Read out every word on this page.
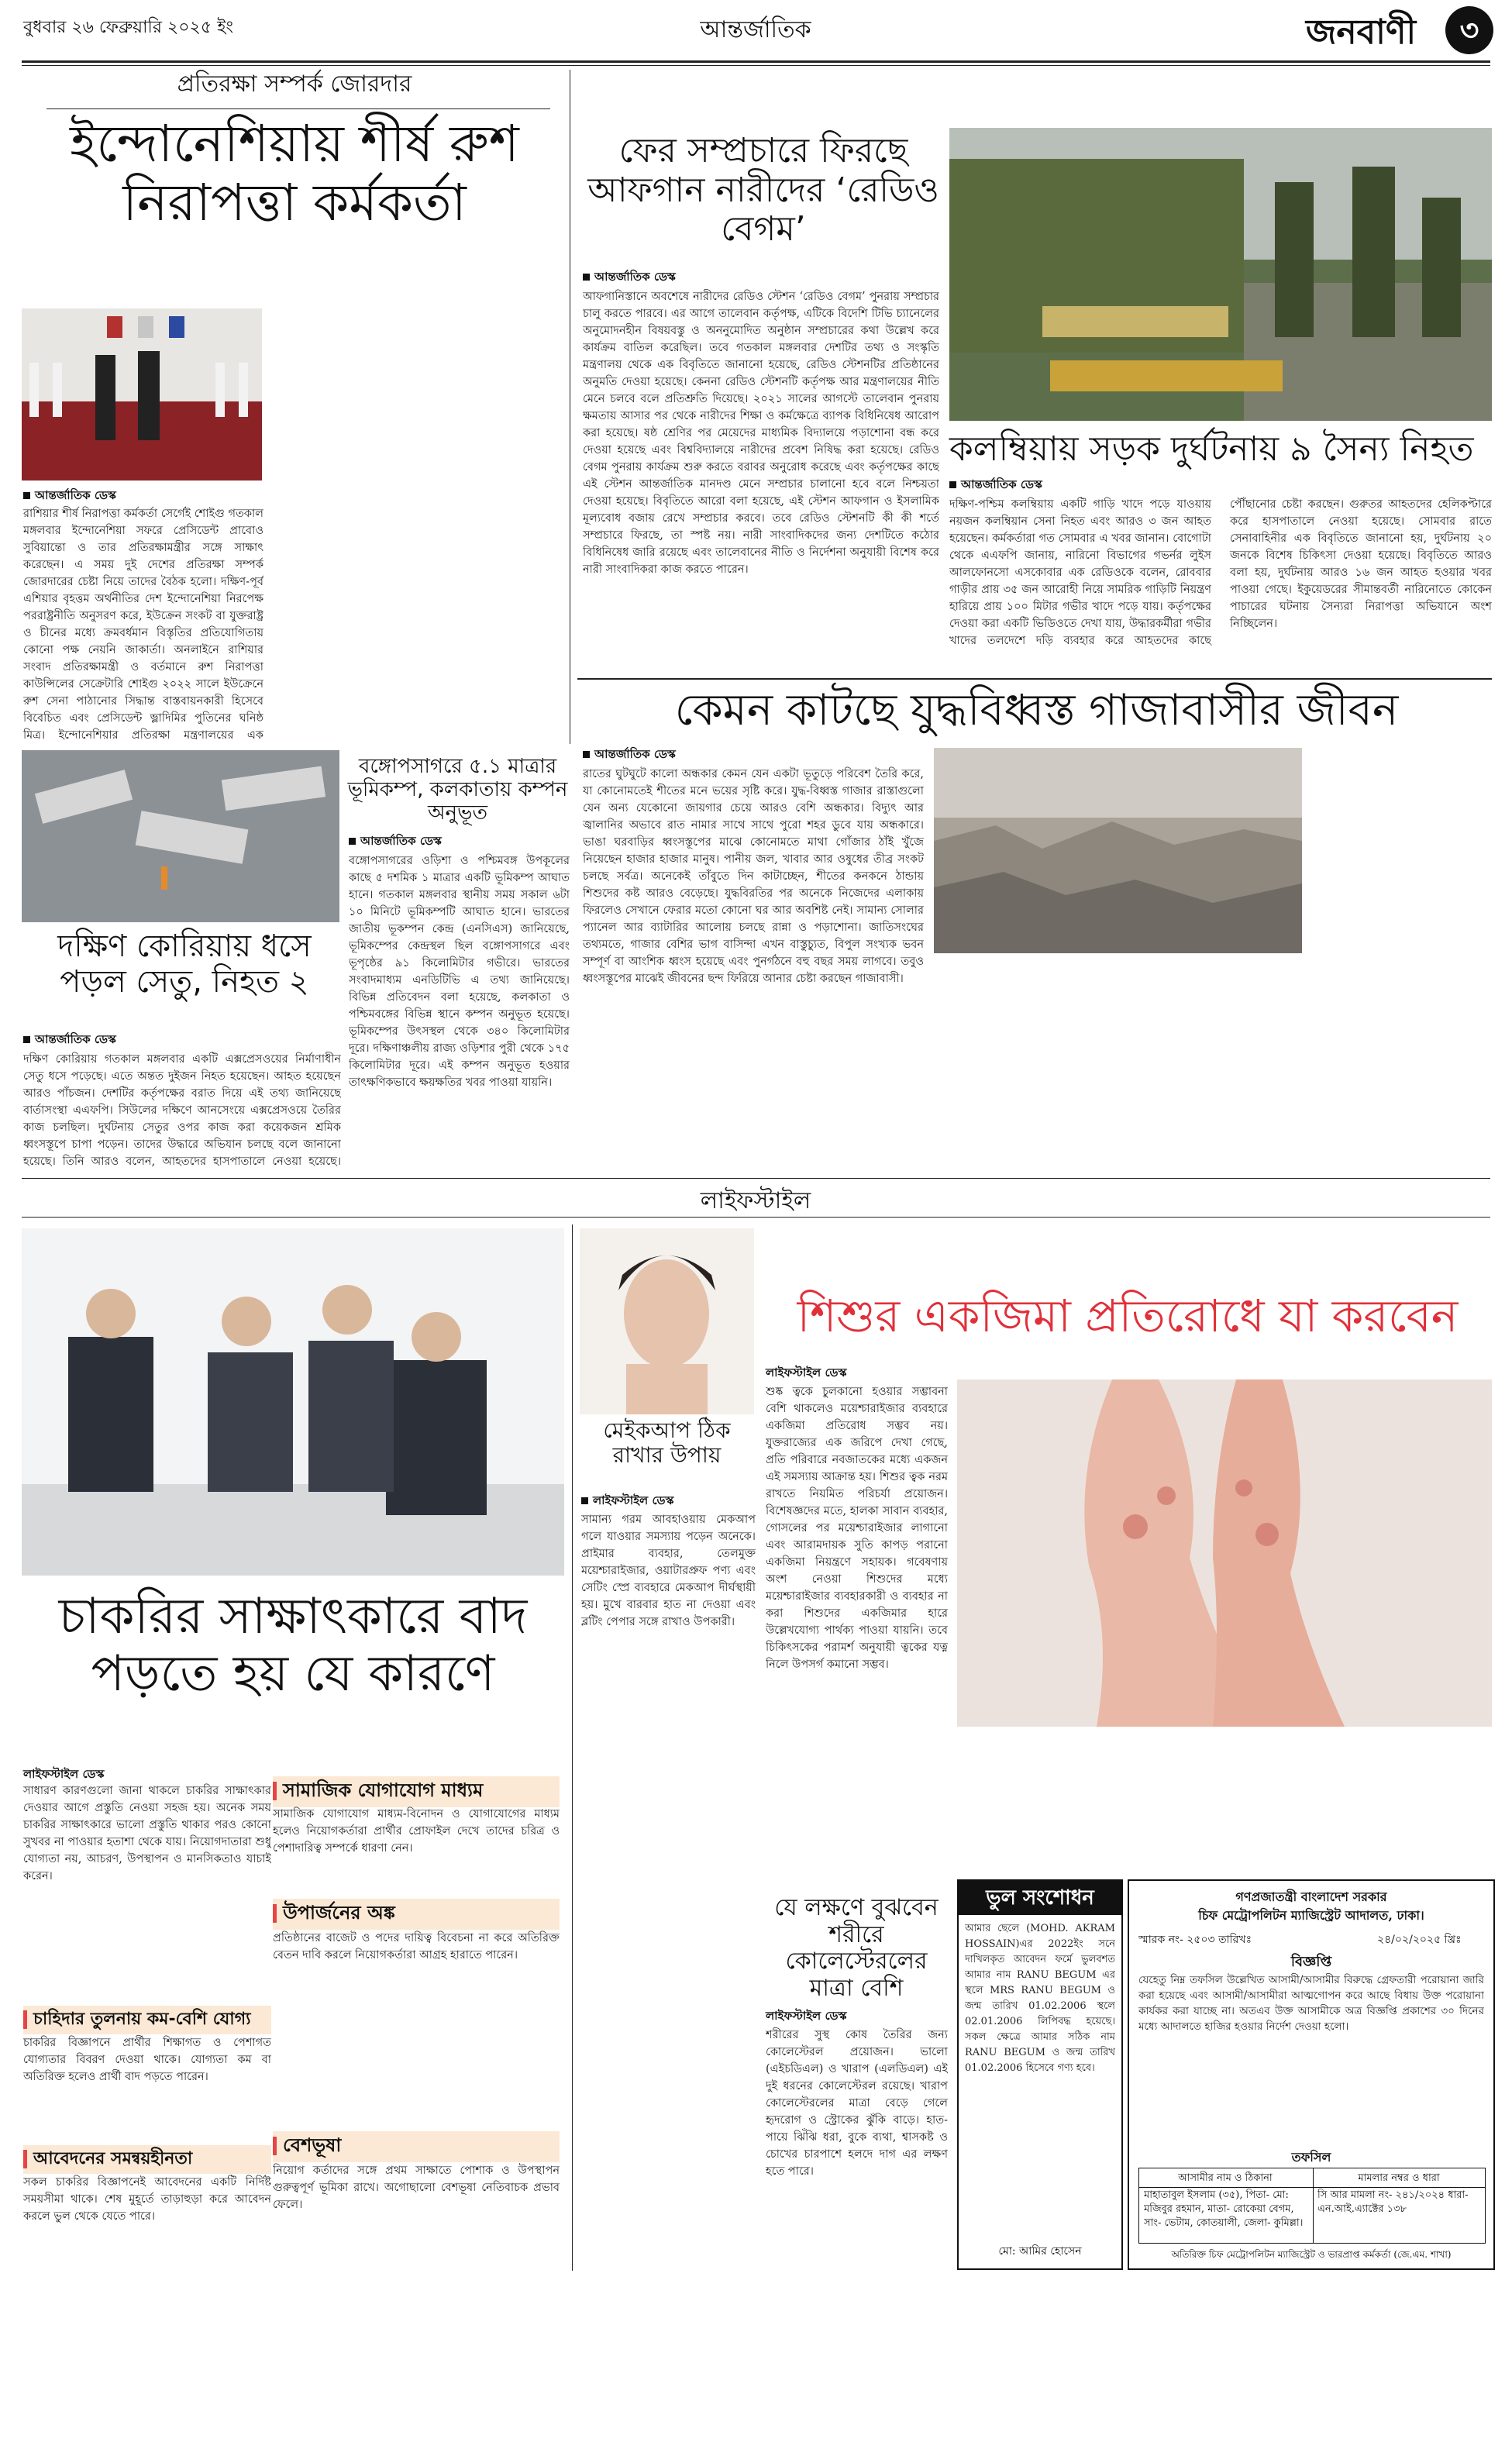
বুধবার ২৬ ফেব্রুয়ারি ২০২৫ ইং	আন্তর্জাতিক	জনবাণী	৩
প্রতিরক্ষা সম্পর্ক জোরদার
ইন্দোনেশিয়ায় শীর্ষ রুশ নিরাপত্তা কর্মকর্তা
আন্তর্জাতিক ডেস্ক
রাশিয়ার শীর্ষ নিরাপত্তা কর্মকর্তা সের্গেই শোইগু গতকাল মঙ্গলবার ইন্দোনেশিয়া সফরে প্রেসিডেন্ট প্রাবোও সুবিয়ান্তো ও তার প্রতিরক্ষামন্ত্রীর সঙ্গে সাক্ষাৎ করেছেন। এ সময় দুই দেশের প্রতিরক্ষা সম্পর্ক জোরদারের চেষ্টা নিয়ে তাদের বৈঠক হলো। দক্ষিণ-পূর্ব এশিয়ার বৃহত্তম অর্থনীতির দেশ ইন্দোনেশিয়া নিরপেক্ষ পররাষ্ট্রনীতি অনুসরণ করে, ইউক্রেন সংকট বা যুক্তরাষ্ট্র ও চীনের মধ্যে ক্রমবর্ধমান বিস্তৃতির প্রতিযোগিতায় কোনো পক্ষ নেয়নি জাকার্তা। অনলাইনে রাশিয়ার সংবাদ প্রতিরক্ষামন্ত্রী ও বর্তমানে রুশ নিরাপত্তা কাউন্সিলের সেক্রেটারি শোইগু ২০২২ সালে ইউক্রেনে রুশ সেনা পাঠানোর সিদ্ধান্ত বাস্তবায়নকারী হিসেবে বিবেচিত এবং প্রেসিডেন্ট ভ্লাদিমির পুতিনের ঘনিষ্ঠ মিত্র। ইন্দোনেশিয়ার প্রতিরক্ষা মন্ত্রণালয়ের এক
ফের সম্প্রচারে ফিরছে আফগান নারীদের ‘রেডিও বেগম’
আন্তর্জাতিক ডেস্ক
আফগানিস্তানে অবশেষে নারীদের রেডিও স্টেশন ‘রেডিও বেগম’ পুনরায় সম্প্রচার চালু করতে পারবে। এর আগে তালেবান কর্তৃপক্ষ, এটিকে বিদেশি টিভি চ্যানেলের অনুমোদনহীন বিষয়বস্তু ও অননুমোদিত অনুষ্ঠান সম্প্রচারের কথা উল্লেখ করে কার্যক্রম বাতিল করেছিল। তবে গতকাল মঙ্গলবার দেশটির তথ্য ও সংস্কৃতি মন্ত্রণালয় থেকে এক বিবৃতিতে জানানো হয়েছে, রেডিও স্টেশনটির প্রতিষ্ঠানের অনুমতি দেওয়া হয়েছে। কেননা রেডিও স্টেশনটি কর্তৃপক্ষ আর মন্ত্রণালয়ের নীতি মেনে চলবে বলে প্রতিশ্রুতি দিয়েছে। ২০২১ সালের আগস্টে তালেবান পুনরায় ক্ষমতায় আসার পর থেকে নারীদের শিক্ষা ও কর্মক্ষেত্রে ব্যাপক বিধিনিষেধ আরোপ করা হয়েছে। ষষ্ঠ শ্রেণির পর মেয়েদের মাধ্যমিক বিদ্যালয়ে পড়াশোনা বন্ধ করে দেওয়া হয়েছে এবং বিশ্ববিদ্যালয়ে নারীদের প্রবেশ নিষিদ্ধ করা হয়েছে। রেডিও বেগম পুনরায় কার্যক্রম শুরু করতে বরাবর অনুরোধ করেছে এবং কর্তৃপক্ষের কাছে এই স্টেশন আন্তর্জাতিক মানদণ্ড মেনে সম্প্রচার চালানো হবে বলে নিশ্চয়তা দেওয়া হয়েছে। বিবৃতিতে আরো বলা হয়েছে, এই স্টেশন আফগান ও ইসলামিক মূল্যবোধ বজায় রেখে সম্প্রচার করবে। তবে রেডিও স্টেশনটি কী কী শর্তে সম্প্রচারে ফিরছে, তা স্পষ্ট নয়। নারী সাংবাদিকদের জন্য দেশটিতে কঠোর বিধিনিষেধ জারি রয়েছে এবং তালেবানের নীতি ও নির্দেশনা অনুযায়ী বিশেষ করে নারী সাংবাদিকরা কাজ করতে পারেন।
কলম্বিয়ায় সড়ক দুর্ঘটনায় ৯ সৈন্য নিহত
আন্তর্জাতিক ডেস্ক
দক্ষিণ-পশ্চিম কলম্বিয়ায় একটি গাড়ি খাদে পড়ে যাওয়ায় নয়জন কলম্বিয়ান সেনা নিহত এবং আরও ৩ জন আহত হয়েছেন। কর্মকর্তারা গত সোমবার এ খবর জানান। বোগোটা থেকে এএফপি জানায়, নারিনো বিভাগের গভর্নর লুইস আলফোনসো এসকোবার এক রেডিওকে বলেন, রোববার গাড়ীর প্রায় ৩৫ জন আরোহী নিয়ে সামরিক গাড়িটি নিয়ন্ত্রণ হারিয়ে প্রায় ১০০ মিটার গভীর খাদে পড়ে যায়। কর্তৃপক্ষের দেওয়া করা একটি ভিডিওতে দেখা যায়, উদ্ধারকর্মীরা গভীর খাদের তলদেশে দড়ি ব্যবহার করে আহতদের কাছে পৌঁছানোর চেষ্টা করছেন। গুরুতর আহতদের হেলিকপ্টারে করে হাসপাতালে নেওয়া হয়েছে। সোমবার রাতে সেনাবাহিনীর এক বিবৃতিতে জানানো হয়, দুর্ঘটনায় ২০ জনকে বিশেষ চিকিৎসা দেওয়া হয়েছে। বিবৃতিতে আরও বলা হয়, দুর্ঘটনায় আরও ১৬ জন আহত হওয়ার খবর পাওয়া গেছে। ইকুয়েডরের সীমান্তবর্তী নারিনোতে কোকেন পাচারের ঘটনায় সৈন্যরা নিরাপত্তা অভিযানে অংশ নিচ্ছিলেন।
কেমন কাটছে যুদ্ধবিধ্বস্ত গাজাবাসীর জীবন
আন্তর্জাতিক ডেস্ক
রাতের ঘুটঘুটে কালো অন্ধকার কেমন যেন একটা ভূতুড়ে পরিবেশ তৈরি করে, যা কোনোমতেই শীতের মনে ভয়ের সৃষ্টি করে। যুদ্ধ-বিধ্বস্ত গাজার রাস্তাগুলো যেন অন্য যেকোনো জায়গার চেয়ে আরও বেশি অন্ধকার। বিদ্যুৎ আর জ্বালানির অভাবে রাত নামার সাথে সাথে পুরো শহর ডুবে যায় অন্ধকারে। ভাঙা ঘরবাড়ির ধ্বংসস্তূপের মাঝে কোনোমতে মাথা গোঁজার ঠাঁই খুঁজে নিয়েছেন হাজার হাজার মানুষ। পানীয় জল, খাবার আর ওষুধের তীব্র সংকট চলছে সর্বত্র। অনেকেই তাঁবুতে দিন কাটাচ্ছেন, শীতের কনকনে ঠান্ডায় শিশুদের কষ্ট আরও বেড়েছে। যুদ্ধবিরতির পর অনেকে নিজেদের এলাকায় ফিরলেও সেখানে ফেরার মতো কোনো ঘর আর অবশিষ্ট নেই। সামান্য সোলার প্যানেল আর ব্যাটারির আলোয় চলছে রান্না ও পড়াশোনা। জাতিসংঘের তথ্যমতে, গাজার বেশির ভাগ বাসিন্দা এখন বাস্তুচ্যুত, বিপুল সংখ্যক ভবন সম্পূর্ণ বা আংশিক ধ্বংস হয়েছে এবং পুনর্গঠনে বহু বছর সময় লাগবে। তবুও ধ্বংসস্তূপের মাঝেই জীবনের ছন্দ ফিরিয়ে আনার চেষ্টা করছেন গাজাবাসী।
বঙ্গোপসাগরে ৫.১ মাত্রার ভূমিকম্প, কলকাতায় কম্পন অনুভূত
আন্তর্জাতিক ডেস্ক
বঙ্গোপসাগরের ওড়িশা ও পশ্চিমবঙ্গ উপকূলের কাছে ৫ দশমিক ১ মাত্রার একটি ভূমিকম্প আঘাত হানে। গতকাল মঙ্গলবার স্থানীয় সময় সকাল ৬টা ১০ মিনিটে ভূমিকম্পটি আঘাত হানে। ভারতের জাতীয় ভূকম্পন কেন্দ্র (এনসিএস) জানিয়েছে, ভূমিকম্পের কেন্দ্রস্থল ছিল বঙ্গোপসাগরে এবং ভূপৃষ্ঠের ৯১ কিলোমিটার গভীরে। ভারতের সংবাদমাধ্যম এনডিটিভি এ তথ্য জানিয়েছে। বিভিন্ন প্রতিবেদন বলা হয়েছে, কলকাতা ও পশ্চিমবঙ্গের বিভিন্ন স্থানে কম্পন অনুভূত হয়েছে। ভূমিকম্পের উৎসস্থল থেকে ৩৪০ কিলোমিটার দূরে। দক্ষিণাঞ্চলীয় রাজ্য ওড়িশার পুরী থেকে ১৭৫ কিলোমিটার দূরে। এই কম্পন অনুভূত হওয়ার তাৎক্ষণিকভাবে ক্ষয়ক্ষতির খবর পাওয়া যায়নি।
দক্ষিণ কোরিয়ায় ধসে পড়ল সেতু, নিহত ২
আন্তর্জাতিক ডেস্ক
দক্ষিণ কোরিয়ায় গতকাল মঙ্গলবার একটি এক্সপ্রেসওয়ের নির্মাণাধীন সেতু ধসে পড়েছে। এতে অন্তত দুইজন নিহত হয়েছেন। আহত হয়েছেন আরও পাঁচজন। দেশটির কর্তৃপক্ষের বরাত দিয়ে এই তথ্য জানিয়েছে বার্তাসংস্থা এএফপি। সিউলের দক্ষিণে আনসেংয়ে এক্সপ্রেসওয়ে তৈরির কাজ চলছিল। দুর্ঘটনায় সেতুর ওপর কাজ করা কয়েকজন শ্রমিক ধ্বংসস্তূপে চাপা পড়েন। তাদের উদ্ধারে অভিযান চলছে বলে জানানো হয়েছে। তিনি আরও বলেন, আহতদের হাসপাতালে নেওয়া হয়েছে।
লাইফস্টাইল
চাকরির সাক্ষাৎকারে বাদ পড়তে হয় যে কারণে
লাইফস্টাইল ডেস্ক
সাধারণ কারণগুলো জানা থাকলে চাকরির সাক্ষাৎকার দেওয়ার আগে প্রস্তুতি নেওয়া সহজ হয়। অনেক সময় চাকরির সাক্ষাৎকারে ভালো প্রস্তুতি থাকার পরও কোনো সুখবর না পাওয়ার হতাশা থেকে যায়। নিয়োগদাতারা শুধু যোগ্যতা নয়, আচরণ, উপস্থাপন ও মানসিকতাও যাচাই করেন।
সামাজিক যোগাযোগ মাধ্যম
সামাজিক যোগাযোগ মাধ্যম-বিনোদন ও যোগাযোগের মাধ্যম হলেও নিয়োগকর্তারা প্রার্থীর প্রোফাইল দেখে তাদের চরিত্র ও পেশাদারিত্ব সম্পর্কে ধারণা নেন।
উপার্জনের অঙ্ক
প্রতিষ্ঠানের বাজেট ও পদের দায়িত্ব বিবেচনা না করে অতিরিক্ত বেতন দাবি করলে নিয়োগকর্তারা আগ্রহ হারাতে পারেন।
চাহিদার তুলনায় কম-বেশি যোগ্য
চাকরির বিজ্ঞাপনে প্রার্থীর শিক্ষাগত ও পেশাগত যোগ্যতার বিবরণ দেওয়া থাকে। যোগ্যতা কম বা অতিরিক্ত হলেও প্রার্থী বাদ পড়তে পারেন।
বেশভূষা
নিয়োগ কর্তাদের সঙ্গে প্রথম সাক্ষাতে পোশাক ও উপস্থাপন গুরুত্বপূর্ণ ভূমিকা রাখে। অগোছালো বেশভূষা নেতিবাচক প্রভাব ফেলে।
আবেদনের সমন্বয়হীনতা
সকল চাকরির বিজ্ঞাপনেই আবেদনের একটি নির্দিষ্ট সময়সীমা থাকে। শেষ মুহূর্তে তাড়াহুড়া করে আবেদন করলে ভুল থেকে যেতে পারে।
মেইকআপ ঠিক রাখার উপায়
লাইফস্টাইল ডেস্ক
সামান্য গরম আবহাওয়ায় মেকআপ গলে যাওয়ার সমস্যায় পড়েন অনেকে। প্রাইমার ব্যবহার, তেলমুক্ত ময়েশ্চারাইজার, ওয়াটারপ্রুফ পণ্য এবং সেটিং স্প্রে ব্যবহারে মেকআপ দীর্ঘস্থায়ী হয়। মুখে বারবার হাত না দেওয়া এবং ব্লটিং পেপার সঙ্গে রাখাও উপকারী।
শিশুর একজিমা প্রতিরোধে যা করবেন
লাইফস্টাইল ডেস্ক
শুষ্ক ত্বকে চুলকানো হওয়ার সম্ভাবনা বেশি থাকলেও ময়েশ্চারাইজার ব্যবহারে একজিমা প্রতিরোধ সম্ভব নয়। যুক্তরাজ্যের এক জরিপে দেখা গেছে, প্রতি পরিবারে নবজাতকের মধ্যে একজন এই সমস্যায় আক্রান্ত হয়। শিশুর ত্বক নরম রাখতে নিয়মিত পরিচর্যা প্রয়োজন। বিশেষজ্ঞদের মতে, হালকা সাবান ব্যবহার, গোসলের পর ময়েশ্চারাইজার লাগানো এবং আরামদায়ক সুতি কাপড় পরানো একজিমা নিয়ন্ত্রণে সহায়ক। গবেষণায় অংশ নেওয়া শিশুদের মধ্যে ময়েশ্চারাইজার ব্যবহারকারী ও ব্যবহার না করা শিশুদের একজিমার হারে উল্লেখযোগ্য পার্থক্য পাওয়া যায়নি। তবে চিকিৎসকের পরামর্শ অনুযায়ী ত্বকের যত্ন নিলে উপসর্গ কমানো সম্ভব।
যে লক্ষণে বুঝবেন শরীরে কোলেস্টেরলের মাত্রা বেশি
লাইফস্টাইল ডেস্ক
শরীরের সুস্থ কোষ তৈরির জন্য কোলেস্টেরল প্রয়োজন। ভালো (এইচডিএল) ও খারাপ (এলডিএল) এই দুই ধরনের কোলেস্টেরল রয়েছে। খারাপ কোলেস্টেরলের মাত্রা বেড়ে গেলে হৃদরোগ ও স্ট্রোকের ঝুঁকি বাড়ে। হাত-পায়ে ঝিঁঝি ধরা, বুকে ব্যথা, শ্বাসকষ্ট ও চোখের চারপাশে হলদে দাগ এর লক্ষণ হতে পারে।
ভুল সংশোধন
আমার ছেলে (MOHD. AKRAM HOSSAIN)এর 2022ইং সনে দাখিলকৃত আবেদন ফর্মে ভুলবশত আমার নাম RANU BEGUM এর স্থলে MRS RANU BEGUM ও জন্ম তারিখ 01.02.2006 স্থলে 02.01.2006 লিপিবদ্ধ হয়েছে। সকল ক্ষেত্রে আমার সঠিক নাম RANU BEGUM ও জন্ম তারিখ 01.02.2006 হিসেবে গণ্য হবে।
মো: আমির হোসেন
গণপ্রজাতন্ত্রী বাংলাদেশ সরকার
চিফ মেট্রোপলিটন ম্যাজিস্ট্রেট আদালত, ঢাকা।
স্মারক নং- ২৫০৩ তারিখঃ	২৪/০২/২০২৫ খ্রিঃ
বিজ্ঞপ্তি
যেহেতু নিম্ন তফসিল উল্লেখিত আসামী/আসামীর বিরুদ্ধে গ্রেফতারী পরোয়ানা জারি করা হয়েছে এবং আসামী/আসামীরা আত্মগোপন করে আছে বিধায় উক্ত পরোয়ানা কার্যকর করা যাচ্ছে না। অতএব উক্ত আসামীকে অত্র বিজ্ঞপ্তি প্রকাশের ৩০ দিনের মধ্যে আদালতে হাজির হওয়ার নির্দেশ দেওয়া হলো।
তফসিল
আসামীর নাম ও ঠিকানা	মামলার নম্বর ও ধারা
মাহাতাবুল ইসলাম (৩৫), পিতা- মো: মজিবুর রহমান, মাতা- রোকেয়া বেগম, সাং- ভেটাম, কোতয়ালী, জেলা- কুমিল্লা।
সি আর মামলা নং- ২৪১/২০২৪ ধারা- এন.আই.এ্যাক্টের ১৩৮
অতিরিক্ত চিফ মেট্রোপলিটন ম্যাজিস্ট্রেট ও ভারপ্রাপ্ত কর্মকর্তা (জে.এম. শাখা)
